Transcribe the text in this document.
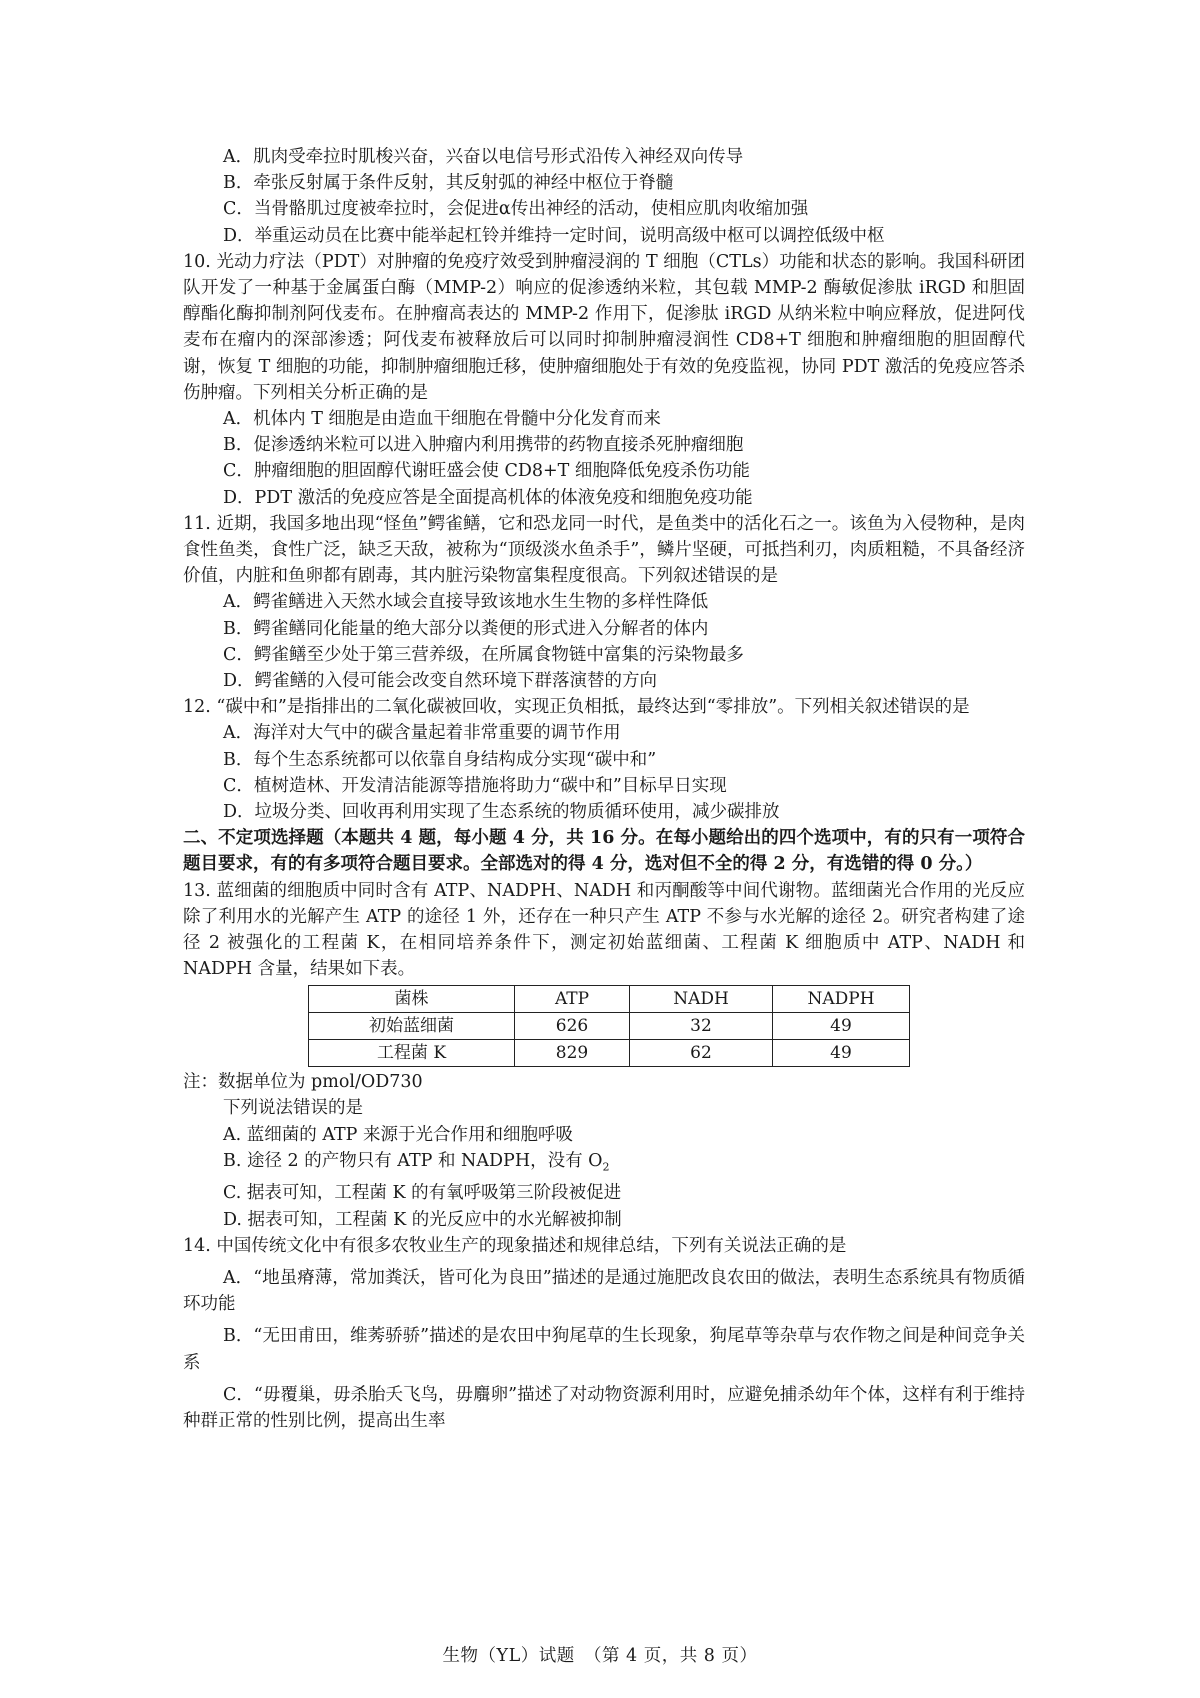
A．肌肉受牵拉时肌梭兴奋，兴奋以电信号形式沿传入神经双向传导
B．牵张反射属于条件反射，其反射弧的神经中枢位于脊髓
C．当骨骼肌过度被牵拉时，会促进α传出神经的活动，使相应肌肉收缩加强
D．举重运动员在比赛中能举起杠铃并维持一定时间，说明高级中枢可以调控低级中枢
10. 光动力疗法（PDT）对肿瘤的免疫疗效受到肿瘤浸润的 T 细胞（CTLs）功能和状态的影响。我国科研团队开发了一种基于金属蛋白酶（MMP-2）响应的促渗透纳米粒，其包载 MMP-2 酶敏促渗肽 iRGD 和胆固醇酯化酶抑制剂阿伐麦布。在肿瘤高表达的 MMP-2 作用下，促渗肽 iRGD 从纳米粒中响应释放，促进阿伐麦布在瘤内的深部渗透；阿伐麦布被释放后可以同时抑制肿瘤浸润性 CD8+T 细胞和肿瘤细胞的胆固醇代谢，恢复 T 细胞的功能，抑制肿瘤细胞迁移，使肿瘤细胞处于有效的免疫监视，协同 PDT 激活的免疫应答杀伤肿瘤。下列相关分析正确的是
A．机体内 T 细胞是由造血干细胞在骨髓中分化发育而来
B．促渗透纳米粒可以进入肿瘤内利用携带的药物直接杀死肿瘤细胞
C．肿瘤细胞的胆固醇代谢旺盛会使 CD8+T 细胞降低免疫杀伤功能
D．PDT 激活的免疫应答是全面提高机体的体液免疫和细胞免疫功能
11. 近期，我国多地出现“怪鱼”鳄雀鳝，它和恐龙同一时代，是鱼类中的活化石之一。该鱼为入侵物种，是肉食性鱼类，食性广泛，缺乏天敌，被称为“顶级淡水鱼杀手”，鳞片坚硬，可抵挡利刃，肉质粗糙，不具备经济价值，内脏和鱼卵都有剧毒，其内脏污染物富集程度很高。下列叙述错误的是
A．鳄雀鳝进入天然水域会直接导致该地水生生物的多样性降低
B．鳄雀鳝同化能量的绝大部分以粪便的形式进入分解者的体内
C．鳄雀鳝至少处于第三营养级，在所属食物链中富集的污染物最多
D．鳄雀鳝的入侵可能会改变自然环境下群落演替的方向
12. “碳中和”是指排出的二氧化碳被回收，实现正负相抵，最终达到“零排放”。下列相关叙述错误的是
A．海洋对大气中的碳含量起着非常重要的调节作用
B．每个生态系统都可以依靠自身结构成分实现“碳中和”
C．植树造林、开发清洁能源等措施将助力“碳中和”目标早日实现
D．垃圾分类、回收再利用实现了生态系统的物质循环使用，减少碳排放
二、不定项选择题（本题共 4 题，每小题 4 分，共 16 分。在每小题给出的四个选项中，有的只有一项符合题目要求，有的有多项符合题目要求。全部选对的得 4 分，选对但不全的得 2 分，有选错的得 0 分。）
13. 蓝细菌的细胞质中同时含有 ATP、NADPH、NADH 和丙酮酸等中间代谢物。蓝细菌光合作用的光反应除了利用水的光解产生 ATP 的途径 1 外，还存在一种只产生 ATP 不参与水光解的途径 2。研究者构建了途径 2 被强化的工程菌 K，在相同培养条件下，测定初始蓝细菌、工程菌 K 细胞质中 ATP、NADH 和 NADPH 含量，结果如下表。
菌株	ATP	NADH	NADPH
初始蓝细菌	626	32	49
工程菌 K	829	62	49
注：数据单位为 pmol/OD730
下列说法错误的是
A. 蓝细菌的 ATP 来源于光合作用和细胞呼吸
B. 途径 2 的产物只有 ATP 和 NADPH，没有 $O_2$
C. 据表可知，工程菌 K 的有氧呼吸第三阶段被促进
D. 据表可知，工程菌 K 的光反应中的水光解被抑制
14. 中国传统文化中有很多农牧业生产的现象描述和规律总结，下列有关说法正确的是
A．“地虽瘠薄，常加粪沃，皆可化为良田”描述的是通过施肥改良农田的做法，表明生态系统具有物质循环功能
B．“无田甫田，维莠骄骄”描述的是农田中狗尾草的生长现象，狗尾草等杂草与农作物之间是种间竞争关系
C．“毋覆巢，毋杀胎夭飞鸟，毋麛卵”描述了对动物资源利用时，应避免捕杀幼年个体，这样有利于维持种群正常的性别比例，提高出生率
生物（YL）试题　（第 4 页，共 8 页）
